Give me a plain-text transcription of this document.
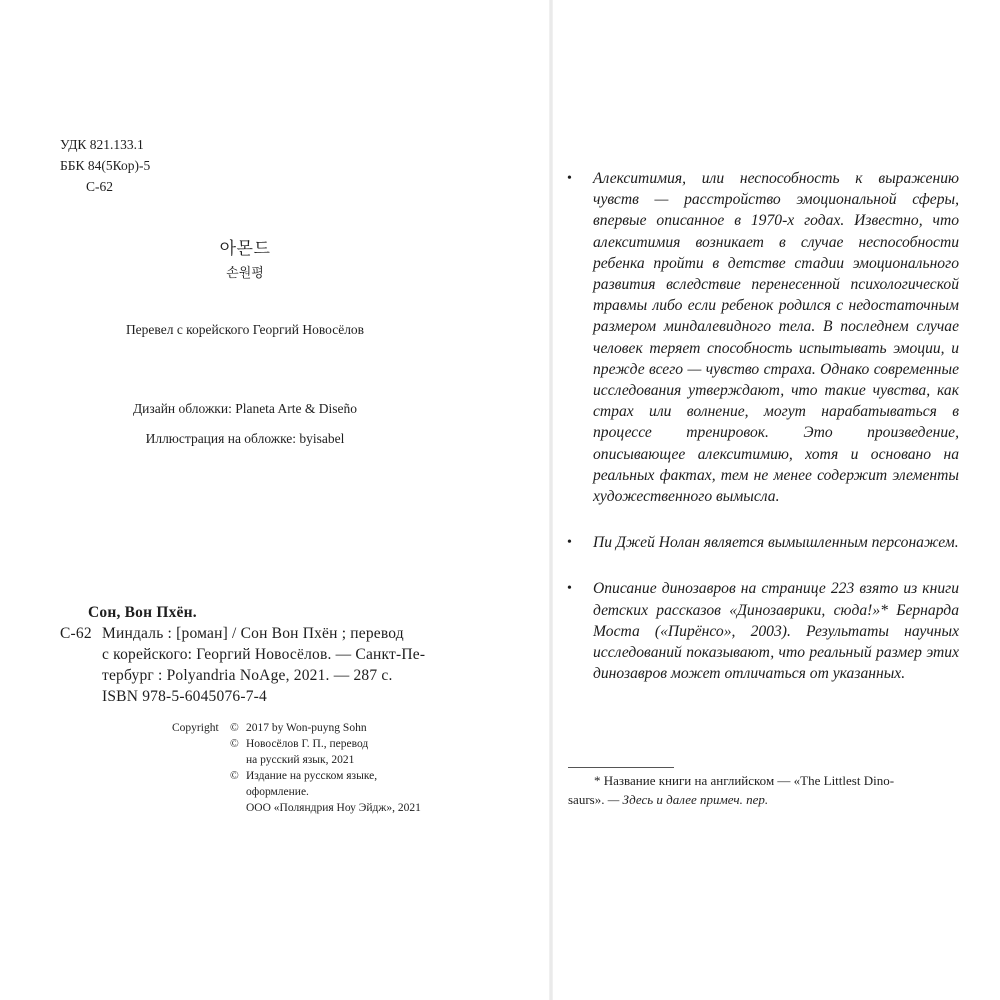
УДК 821.133.1
ББК 84(5Кор)-5
С-62
아몬드
손원평
Перевел с корейского Георгий Новосёлов
Дизайн обложки: Planeta Arte & Diseño
Иллюстрация на обложке: byisabel
Сон, Вон Пхён.
С-62 Миндаль : [роман] / Сон Вон Пхён ; перевод
с корейского: Георгий Новосёлов. — Санкт-Пе-
тербург : Polyandria NoAge, 2021. — 287 с.
ISBN 978-5-6045076-7-4
Copyright © 2017 by Won-puyng Sohn
© Новосёлов Г. П., перевод
на русский язык, 2021
© Издание на русском языке,
оформление.
ООО «Поляндрия Ноу Эйдж», 2021
• Алекситимия, или неспособность к выражению чувств — расстройство эмоциональной сферы, впервые описанное в 1970-х годах. Известно, что алекситимия возникает в случае неспособности ребенка пройти в детстве стадии эмоционального развития вследствие перенесенной психологической травмы либо если ребенок родился с недостаточным размером миндалевидного тела. В последнем случае человек теряет способность испытывать эмоции, и прежде всего — чувство страха. Однако современные исследования утверждают, что такие чувства, как страх или волнение, могут нарабатываться в процессе тренировок. Это произведение, описывающее алекситимию, хотя и основано на реальных фактах, тем не менее содержит элементы художественного вымысла.
• Пи Джей Нолан является вымышленным персонажем.
• Описание динозавров на странице 223 взято из книги детских рассказов «Динозаврики, сюда!»* Бернарда Моста («Пирёнсо», 2003). Результаты научных исследований показывают, что реальный размер этих динозавров может отличаться от указанных.
* Название книги на английском — «The Littlest Dino-
saurs». — Здесь и далее примеч. пер.
